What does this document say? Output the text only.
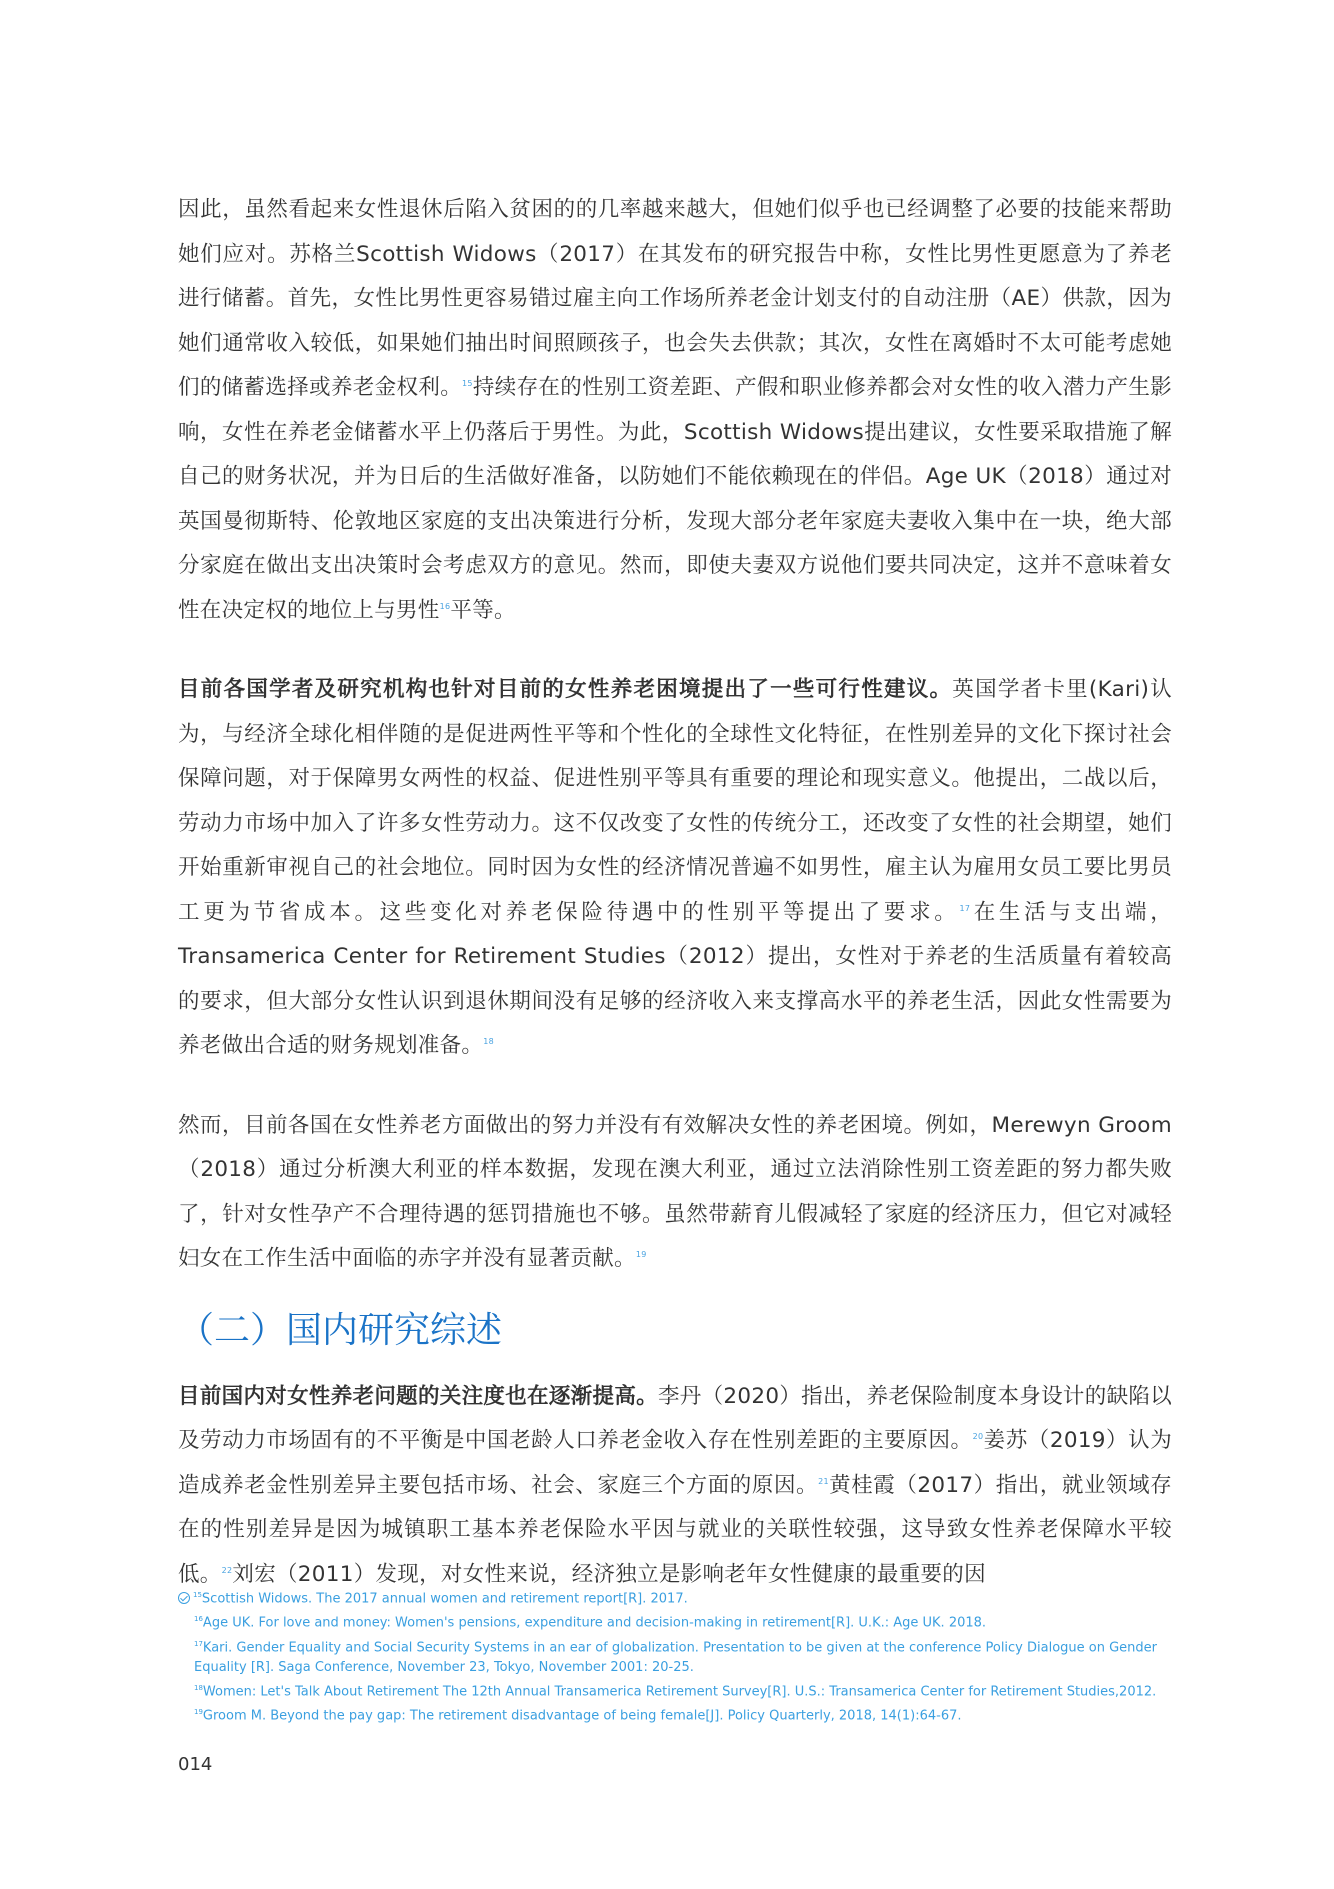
因此，虽然看起来女性退休后陷入贫困的的几率越来越大，但她们似乎也已经调整了必要的技能来帮助她们应对。苏格兰Scottish Widows（2017）在其发布的研究报告中称，女性比男性更愿意为了养老进行储蓄。首先，女性比男性更容易错过雇主向工作场所养老金计划支付的自动注册（AE）供款，因为她们通常收入较低，如果她们抽出时间照顾孩子，也会失去供款；其次，女性在离婚时不太可能考虑她们的储蓄选择或养老金权利。$^{15}$持续存在的性别工资差距、产假和职业修养都会对女性的收入潜力产生影响，女性在养老金储蓄水平上仍落后于男性。为此，Scottish Widows提出建议，女性要采取措施了解自己的财务状况，并为日后的生活做好准备，以防她们不能依赖现在的伴侣。Age UK（2018）通过对英国曼彻斯特、伦敦地区家庭的支出决策进行分析，发现大部分老年家庭夫妻收入集中在一块，绝大部分家庭在做出支出决策时会考虑双方的意见。然而，即使夫妻双方说他们要共同决定，这并不意味着女性在决定权的地位上与男性$^{16}$平等。

目前各国学者及研究机构也针对目前的女性养老困境提出了一些可行性建议。英国学者卡里(Kari)认为，与经济全球化相伴随的是促进两性平等和个性化的全球性文化特征，在性别差异的文化下探讨社会保障问题，对于保障男女两性的权益、促进性别平等具有重要的理论和现实意义。他提出，二战以后，劳动力市场中加入了许多女性劳动力。这不仅改变了女性的传统分工，还改变了女性的社会期望，她们开始重新审视自己的社会地位。同时因为女性的经济情况普遍不如男性，雇主认为雇用女员工要比男员工更为节省成本。这些变化对养老保险待遇中的性别平等提出了要求。$^{17}$在生活与支出端，Transamerica Center for Retirement Studies（2012）提出，女性对于养老的生活质量有着较高的要求，但大部分女性认识到退休期间没有足够的经济收入来支撑高水平的养老生活，因此女性需要为养老做出合适的财务规划准备。$^{18}$

然而，目前各国在女性养老方面做出的努力并没有有效解决女性的养老困境。例如，Merewyn Groom（2018）通过分析澳大利亚的样本数据，发现在澳大利亚，通过立法消除性别工资差距的努力都失败了，针对女性孕产不合理待遇的惩罚措施也不够。虽然带薪育儿假减轻了家庭的经济压力，但它对减轻妇女在工作生活中面临的赤字并没有显著贡献。$^{19}$

（二）国内研究综述

目前国内对女性养老问题的关注度也在逐渐提高。李丹（2020）指出，养老保险制度本身设计的缺陷以及劳动力市场固有的不平衡是中国老龄人口养老金收入存在性别差距的主要原因。$^{20}$姜苏（2019）认为造成养老金性别差异主要包括市场、社会、家庭三个方面的原因。$^{21}$黄桂霞（2017）指出，就业领域存在的性别差异是因为城镇职工基本养老保险水平因与就业的关联性较强，这导致女性养老保障水平较低。$^{22}$刘宏（2011）发现，对女性来说，经济独立是影响老年女性健康的最重要的因

$^{15}$Scottish Widows. The 2017 annual women and retirement report[R]. 2017.

$^{16}$Age UK. For love and money: Women's pensions, expenditure and decision-making in retirement[R]. U.K.: Age UK. 2018.

$^{17}$Kari. Gender Equality and Social Security Systems in an ear of globalization. Presentation to be given at the conference Policy Dialogue on Gender Equality [R]. Saga Conference, November 23, Tokyo, November 2001: 20-25.

$^{18}$Women: Let's Talk About Retirement The 12th Annual Transamerica Retirement Survey[R]. U.S.: Transamerica Center for Retirement Studies,2012.

$^{19}$Groom M. Beyond the pay gap: The retirement disadvantage of being female[J]. Policy Quarterly, 2018, 14(1):64-67.

014
